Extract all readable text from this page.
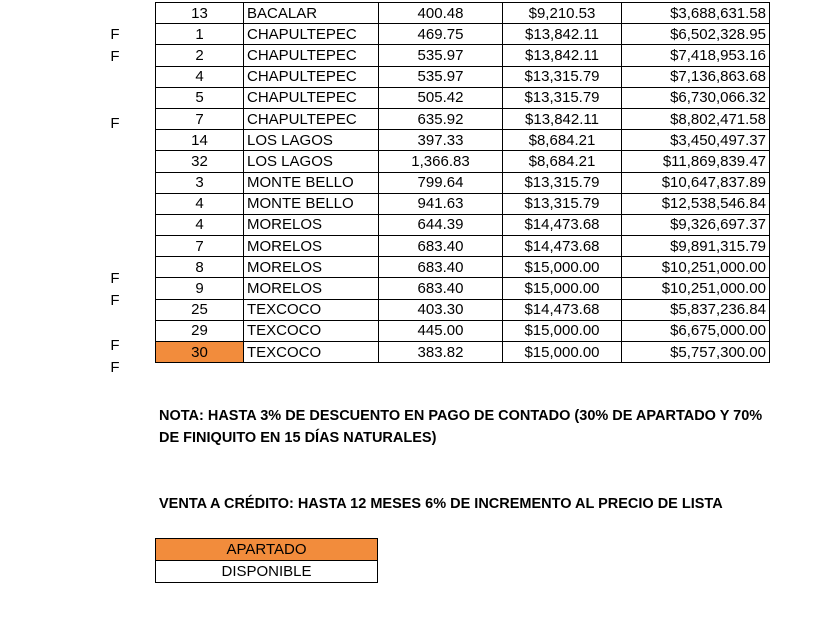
F
F
F
F
F
F
F
13	BACALAR	400.48	$9,210.53	$3,688,631.58
1	CHAPULTEPEC	469.75	$13,842.11	$6,502,328.95
2	CHAPULTEPEC	535.97	$13,842.11	$7,418,953.16
4	CHAPULTEPEC	535.97	$13,315.79	$7,136,863.68
5	CHAPULTEPEC	505.42	$13,315.79	$6,730,066.32
7	CHAPULTEPEC	635.92	$13,842.11	$8,802,471.58
14	LOS LAGOS	397.33	$8,684.21	$3,450,497.37
32	LOS LAGOS	1,366.83	$8,684.21	$11,869,839.47
3	MONTE BELLO	799.64	$13,315.79	$10,647,837.89
4	MONTE BELLO	941.63	$13,315.79	$12,538,546.84
4	MORELOS	644.39	$14,473.68	$9,326,697.37
7	MORELOS	683.40	$14,473.68	$9,891,315.79
8	MORELOS	683.40	$15,000.00	$10,251,000.00
9	MORELOS	683.40	$15,000.00	$10,251,000.00
25	TEXCOCO	403.30	$14,473.68	$5,837,236.84
29	TEXCOCO	445.00	$15,000.00	$6,675,000.00
30	TEXCOCO	383.82	$15,000.00	$5,757,300.00
NOTA: HASTA 3% DE DESCUENTO EN PAGO DE CONTADO (30% DE APARTADO Y 70% DE FINIQUITO EN 15 DÍAS NATURALES)
VENTA A CRÉDITO: HASTA 12 MESES 6% DE INCREMENTO AL PRECIO DE LISTA
APARTADO
DISPONIBLE
